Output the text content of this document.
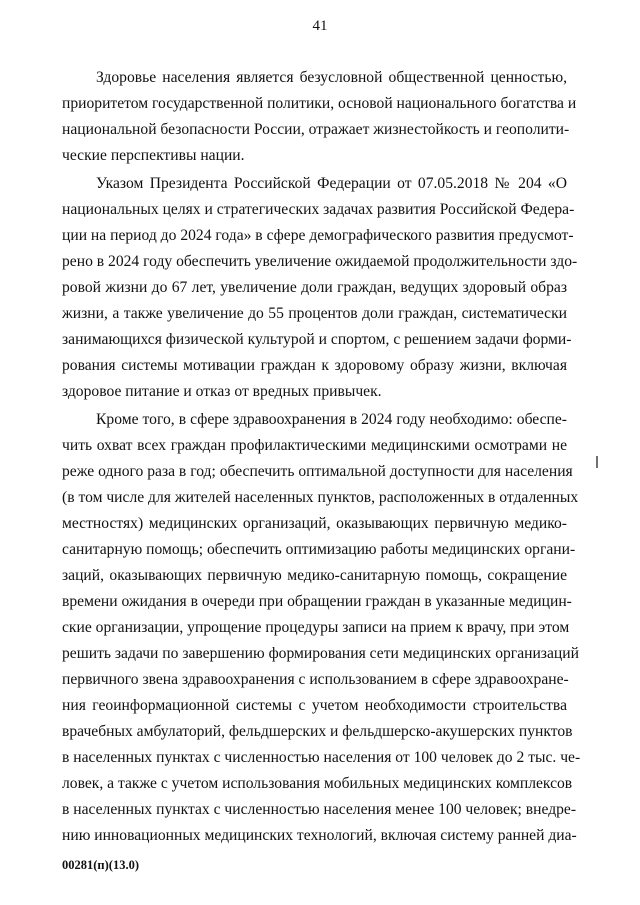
41
Здоровье населения является безусловной общественной ценностью,
приоритетом государственной политики, основой национального богатства и
национальной безопасности России, отражает жизнестойкость и геополити-
ческие перспективы нации.
Указом Президента Российской Федерации от 07.05.2018 № 204 «О
национальных целях и стратегических задачах развития Российской Федера-
ции на период до 2024 года» в сфере демографического развития предусмот-
рено в 2024 году обеспечить увеличение ожидаемой продолжительности здо-
ровой жизни до 67 лет, увеличение доли граждан, ведущих здоровый образ
жизни, а также увеличение до 55 процентов доли граждан, систематически
занимающихся физической культурой и спортом, с решением задачи форми-
рования системы мотивации граждан к здоровому образу жизни, включая
здоровое питание и отказ от вредных привычек.
Кроме того, в сфере здравоохранения в 2024 году необходимо: обеспе-
чить охват всех граждан профилактическими медицинскими осмотрами не
реже одного раза в год; обеспечить оптимальной доступности для населения
(в том числе для жителей населенных пунктов, расположенных в отдаленных
местностях) медицинских организаций, оказывающих первичную медико-
санитарную помощь; обеспечить оптимизацию работы медицинских органи-
заций, оказывающих первичную медико-санитарную помощь, сокращение
времени ожидания в очереди при обращении граждан в указанные медицин-
ские организации, упрощение процедуры записи на прием к врачу, при этом
решить задачи по завершению формирования сети медицинских организаций
первичного звена здравоохранения с использованием в сфере здравоохране-
ния геоинформационной системы с учетом необходимости строительства
врачебных амбулаторий, фельдшерских и фельдшерско-акушерских пунктов
в населенных пунктах с численностью населения от 100 человек до 2 тыс. че-
ловек, а также с учетом использования мобильных медицинских комплексов
в населенных пунктах с численностью населения менее 100 человек; внедре-
нию инновационных медицинских технологий, включая систему ранней диа-
00281(п)(13.0)
